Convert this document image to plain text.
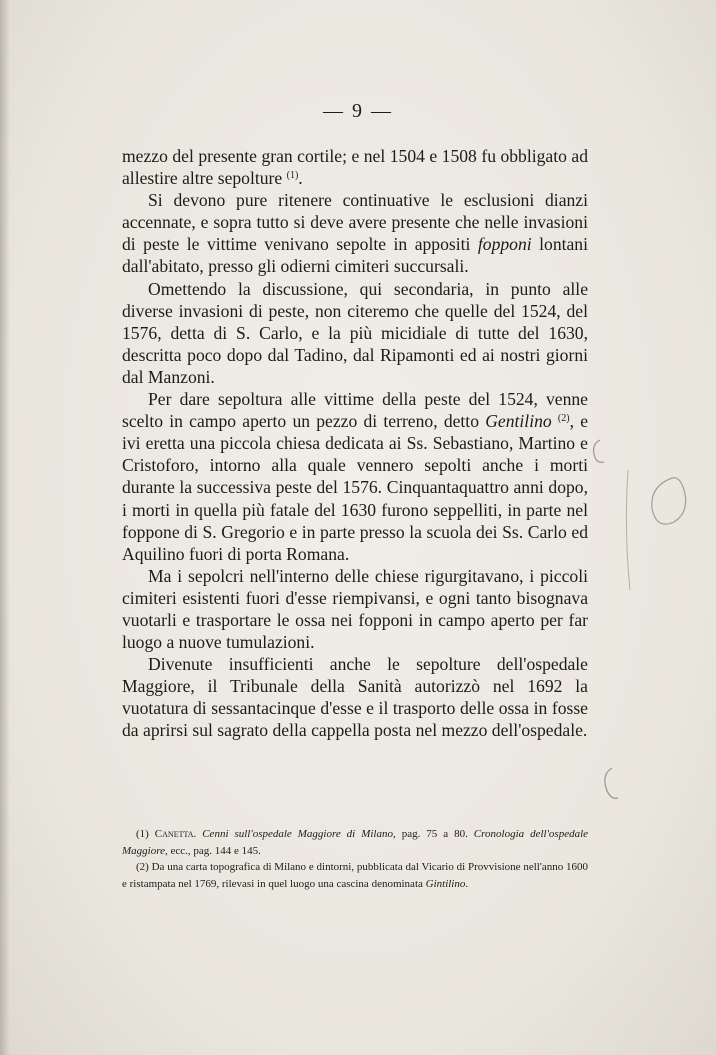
— 9 —

mezzo del presente gran cortile; e nel 1504 e 1508 fu obbligato ad allestire altre sepolture $^{(1)}$.

Si devono pure ritenere continuative le esclusioni dianzi accennate, e sopra tutto si deve avere presente che nelle invasioni di peste le vittime venivano sepolte in appositi fopponi lontani dall'abitato, presso gli odierni cimiteri succursali.

Omettendo la discussione, qui secondaria, in punto alle diverse invasioni di peste, non citeremo che quelle del 1524, del 1576, detta di S. Carlo, e la più micidiale di tutte del 1630, descritta poco dopo dal Tadino, dal Ripamonti ed ai nostri giorni dal Manzoni.

Per dare sepoltura alle vittime della peste del 1524, venne scelto in campo aperto un pezzo di terreno, detto Gentilino $^{(2)}$, e ivi eretta una piccola chiesa dedicata ai Ss. Sebastiano, Martino e Cristoforo, intorno alla quale vennero sepolti anche i morti durante la successiva peste del 1576. Cinquantaquattro anni dopo, i morti in quella più fatale del 1630 furono seppelliti, in parte nel foppone di S. Gregorio e in parte presso la scuola dei Ss. Carlo ed Aquilino fuori di porta Romana.

Ma i sepolcri nell'interno delle chiese rigurgitavano, i piccoli cimiteri esistenti fuori d'esse riempivansi, e ogni tanto bisognava vuotarli e trasportare le ossa nei fopponi in campo aperto per far luogo a nuove tumulazioni.

Divenute insufficienti anche le sepolture dell'ospedale Maggiore, il Tribunale della Sanità autorizzò nel 1692 la vuotatura di sessantacinque d'esse e il trasporto delle ossa in fosse da aprirsi sul sagrato della cappella posta nel mezzo dell'ospedale.

(1) Canetta. Cenni sull'ospedale Maggiore di Milano, pag. 75 a 80. Cronologia dell'ospedale Maggiore, ecc., pag. 144 e 145.

(2) Da una carta topografica di Milano e dintorni, pubblicata dal Vicario di Provvisione nell'anno 1600 e ristampata nel 1769, rilevasi in quel luogo una cascina denominata Gintilino.
